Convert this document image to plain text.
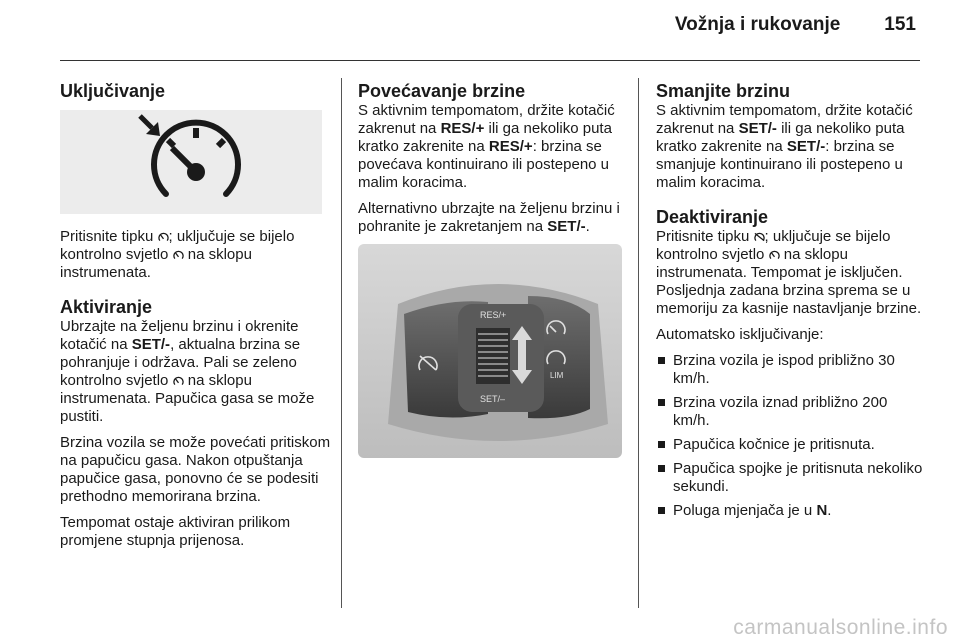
Vožnja i rukovanje 151
Uključivanje

Pritisnite tipku ; uključuje se bijelo kontrolno svjetlo  na sklopu instrumenata.

Aktiviranje

Ubrzajte na željenu brzinu i okrenite kotačić na SET/-, aktualna brzina se pohranjuje i održava. Pali se zeleno kontrolno svjetlo  na sklopu instrumenata. Papučica gasa se može pustiti.

Brzina vozila se može povećati pritiskom na papučicu gasa. Nakon otpuštanja papučice gasa, ponovno će se podesiti prethodno memorirana brzina.

Tempomat ostaje aktiviran prilikom promjene stupnja prijenosa.

Povećavanje brzine

S aktivnim tempomatom, držite kotačić zakrenut na RES/+ ili ga nekoliko puta kratko zakrenite na RES/+: brzina se povećava kontinuirano ili postepeno u malim koracima.

Alternativno ubrzajte na željenu brzinu i pohranite je zakretanjem na SET/-.

RES/+
SET/–
LIM
Smanjite brzinu

S aktivnim tempomatom, držite kotačić zakrenut na SET/- ili ga nekoliko puta kratko zakrenite na SET/-: brzina se smanjuje kontinuirano ili postepeno u malim koracima.

Deaktiviranje

Pritisnite tipku ; uključuje se bijelo kontrolno svjetlo  na sklopu instrumenata. Tempomat je isključen. Posljednja zadana brzina sprema se u memoriju za kasnije nastavljanje brzine.

Automatsko isključivanje:

Brzina vozila je ispod približno 30 km/h.
Brzina vozila iznad približno 200 km/h.
Papučica kočnice je pritisnuta.
Papučica spojke je pritisnuta nekoliko sekundi.
Poluga mjenjača je u N.
carmanualsonline.info
